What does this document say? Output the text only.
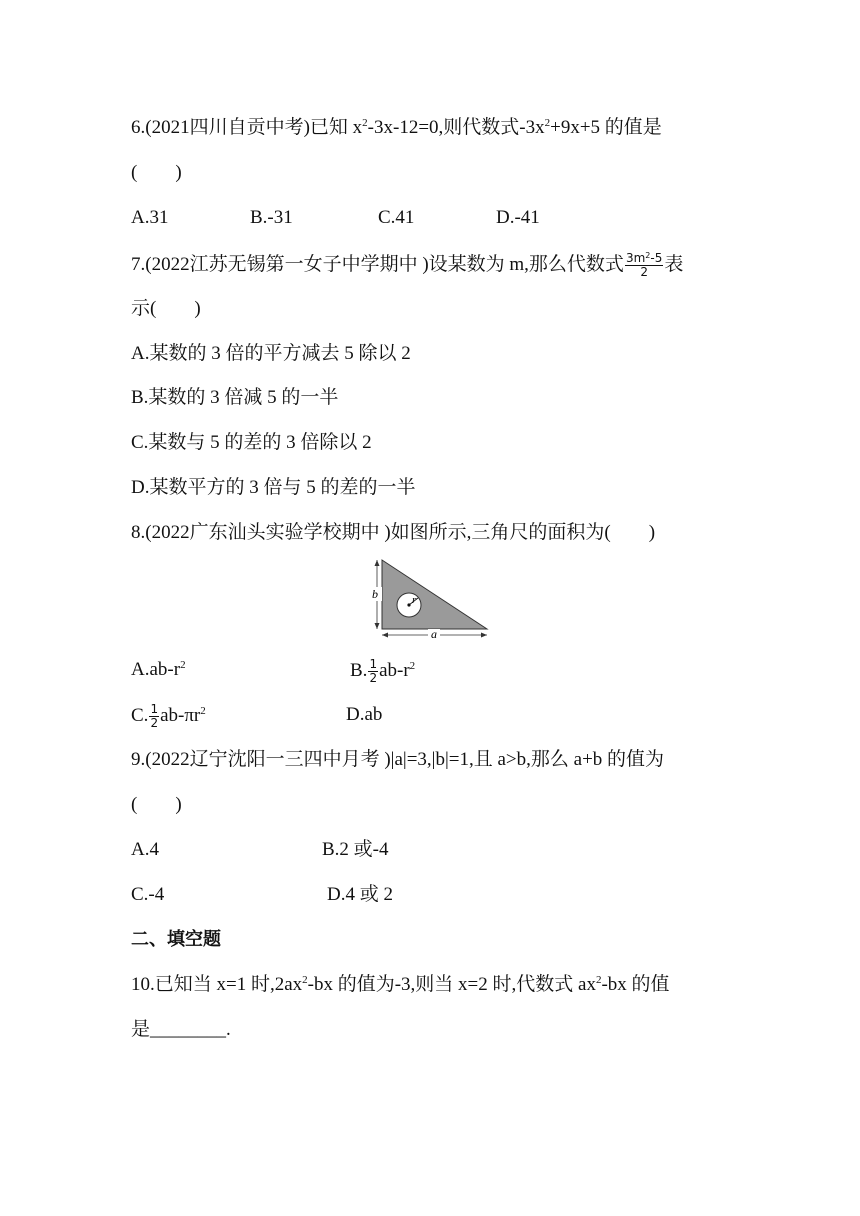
6.(2021四川自贡中考)已知 $x^2-3x-12=0$,则代数式$-3x^2+9x+5$ 的值是
(　　)
A.31	B.-31	C.41	D.-41
7.(2022江苏无锡第一女子中学期中 )设某数为 m,那么代数式 $\frac{3m^2-5}{2}$ 表
示(　　)
A.某数的 3 倍的平方减去 5 除以 2
B.某数的 3 倍减 5 的一半
C.某数与 5 的差的 3 倍除以 2
D.某数平方的 3 倍与 5 的差的一半
8.(2022广东汕头实验学校期中 )如图所示,三角尺的面积为(　　)
r
b
a
$A.ab-r^2$	B. $\frac{1}{2} ab-r^2$
C. $\frac{1}{2} ab-\pi r^2$	D.ab
9.(2022辽宁沈阳一三四中月考 )|a|=3,|b|=1,且 a>b,那么 a+b 的值为
(　　)
A.4	B.2 或-4
C.-4	D.4 或 2
二、填空题
10.已知当 x=1 时$,2ax^2-bx$ 的值为-3,则当 x=2 时,代数式 $ax^2-bx$ 的值
是________.
